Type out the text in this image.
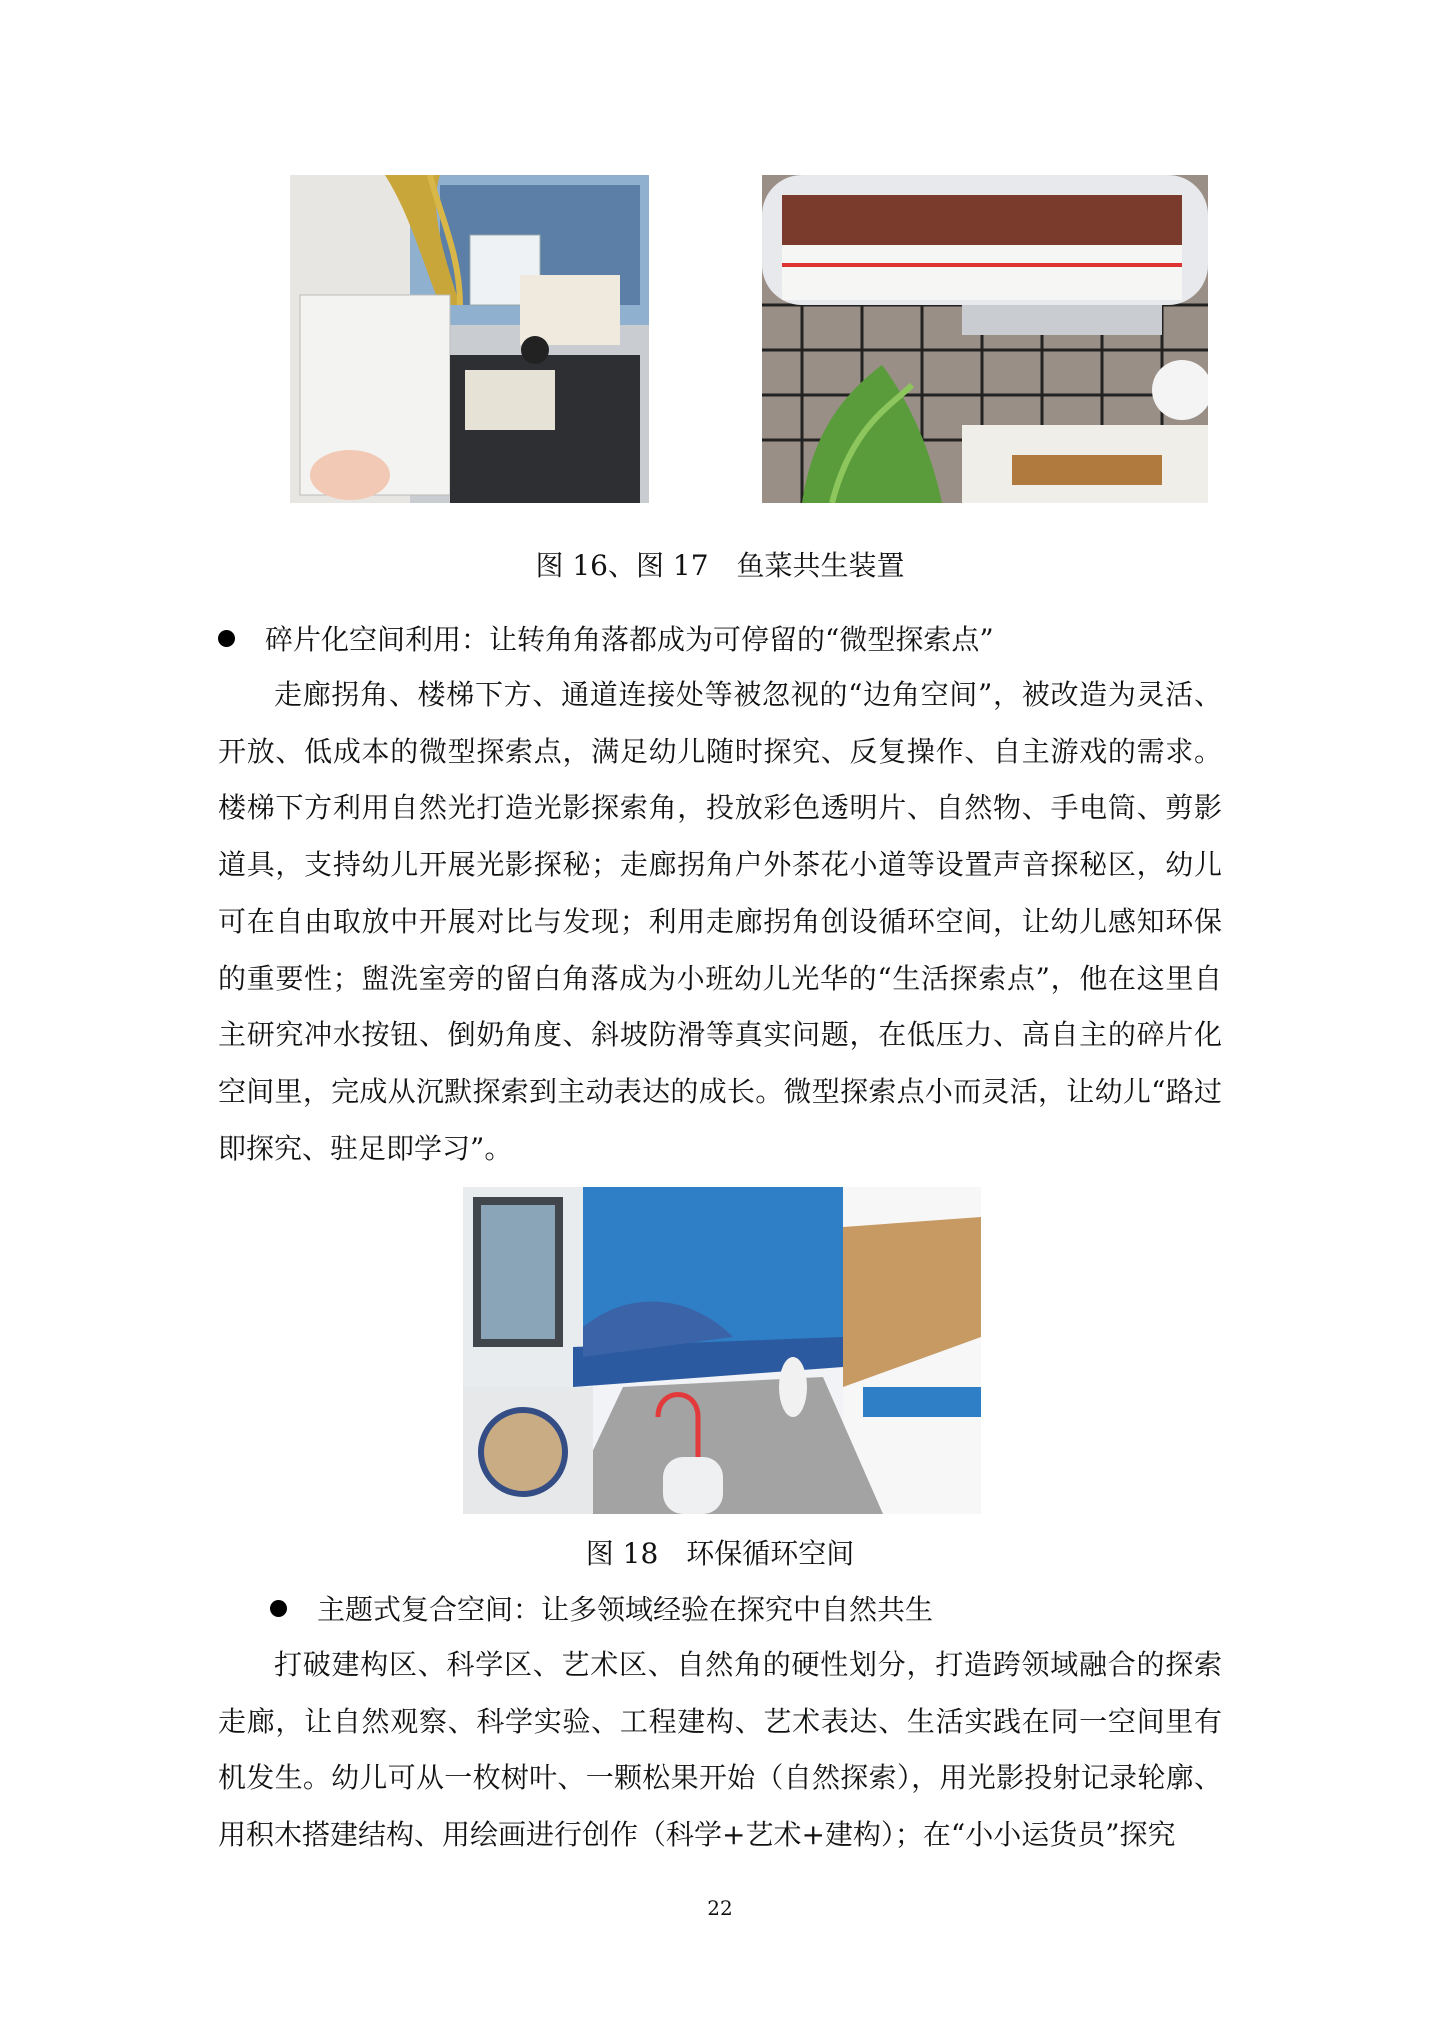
图 16、图 17　鱼菜共生装置
碎片化空间利用：让转角角落都成为可停留的“微型探索点”

走廊拐角、楼梯下方、通道连接处等被忽视的“边角空间”，被改造为灵活、开放、低成本的微型探索点，满足幼儿随时探究、反复操作、自主游戏的需求。楼梯下方利用自然光打造光影探索角，投放彩色透明片、自然物、手电筒、剪影道具，支持幼儿开展光影探秘；走廊拐角户外茶花小道等设置声音探秘区，幼儿可在自由取放中开展对比与发现；利用走廊拐角创设循环空间，让幼儿感知环保的重要性；盥洗室旁的留白角落成为小班幼儿光华的“生活探索点”，他在这里自主研究冲水按钮、倒奶角度、斜坡防滑等真实问题，在低压力、高自主的碎片化空间里，完成从沉默探索到主动表达的成长。微型探索点小而灵活，让幼儿“路过即探究、驻足即学习”。

图 18　环保循环空间
主题式复合空间：让多领域经验在探究中自然共生

打破建构区、科学区、艺术区、自然角的硬性划分，打造跨领域融合的探索走廊，让自然观察、科学实验、工程建构、艺术表达、生活实践在同一空间里有机发生。幼儿可从一枚树叶、一颗松果开始（自然探索），用光影投射记录轮廓、用积木搭建结构、用绘画进行创作（科学+艺术+建构）；在“小小运货员”探究

22
